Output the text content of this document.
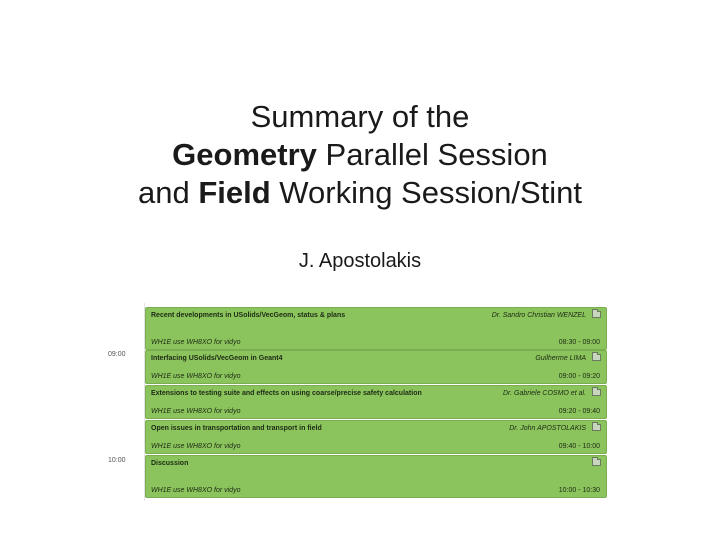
Summary of the
Geometry Parallel Session
and Field Working Session/Stint
J. Apostolakis
09:00
10:00
Recent developments in USolids/VecGeom, status & plans	Dr. Sandro Christian WENZEL
WH1E use WH8XO for vidyo	08:30 - 09:00
Interfacing USolids/VecGeom in Geant4	Guilherme LIMA
WH1E use WH8XO for vidyo	09:00 - 09:20
Extensions to testing suite and effects on using coarse/precise safety calculation	Dr. Gabriele COSMO et al.
WH1E use WH8XO for vidyo	09:20 - 09:40
Open issues in transportation and transport in field	Dr. John APOSTOLAKIS
WH1E use WH8XO for vidyo	09:40 - 10:00
Discussion
WH1E use WH8XO for vidyo	10:00 - 10:30
